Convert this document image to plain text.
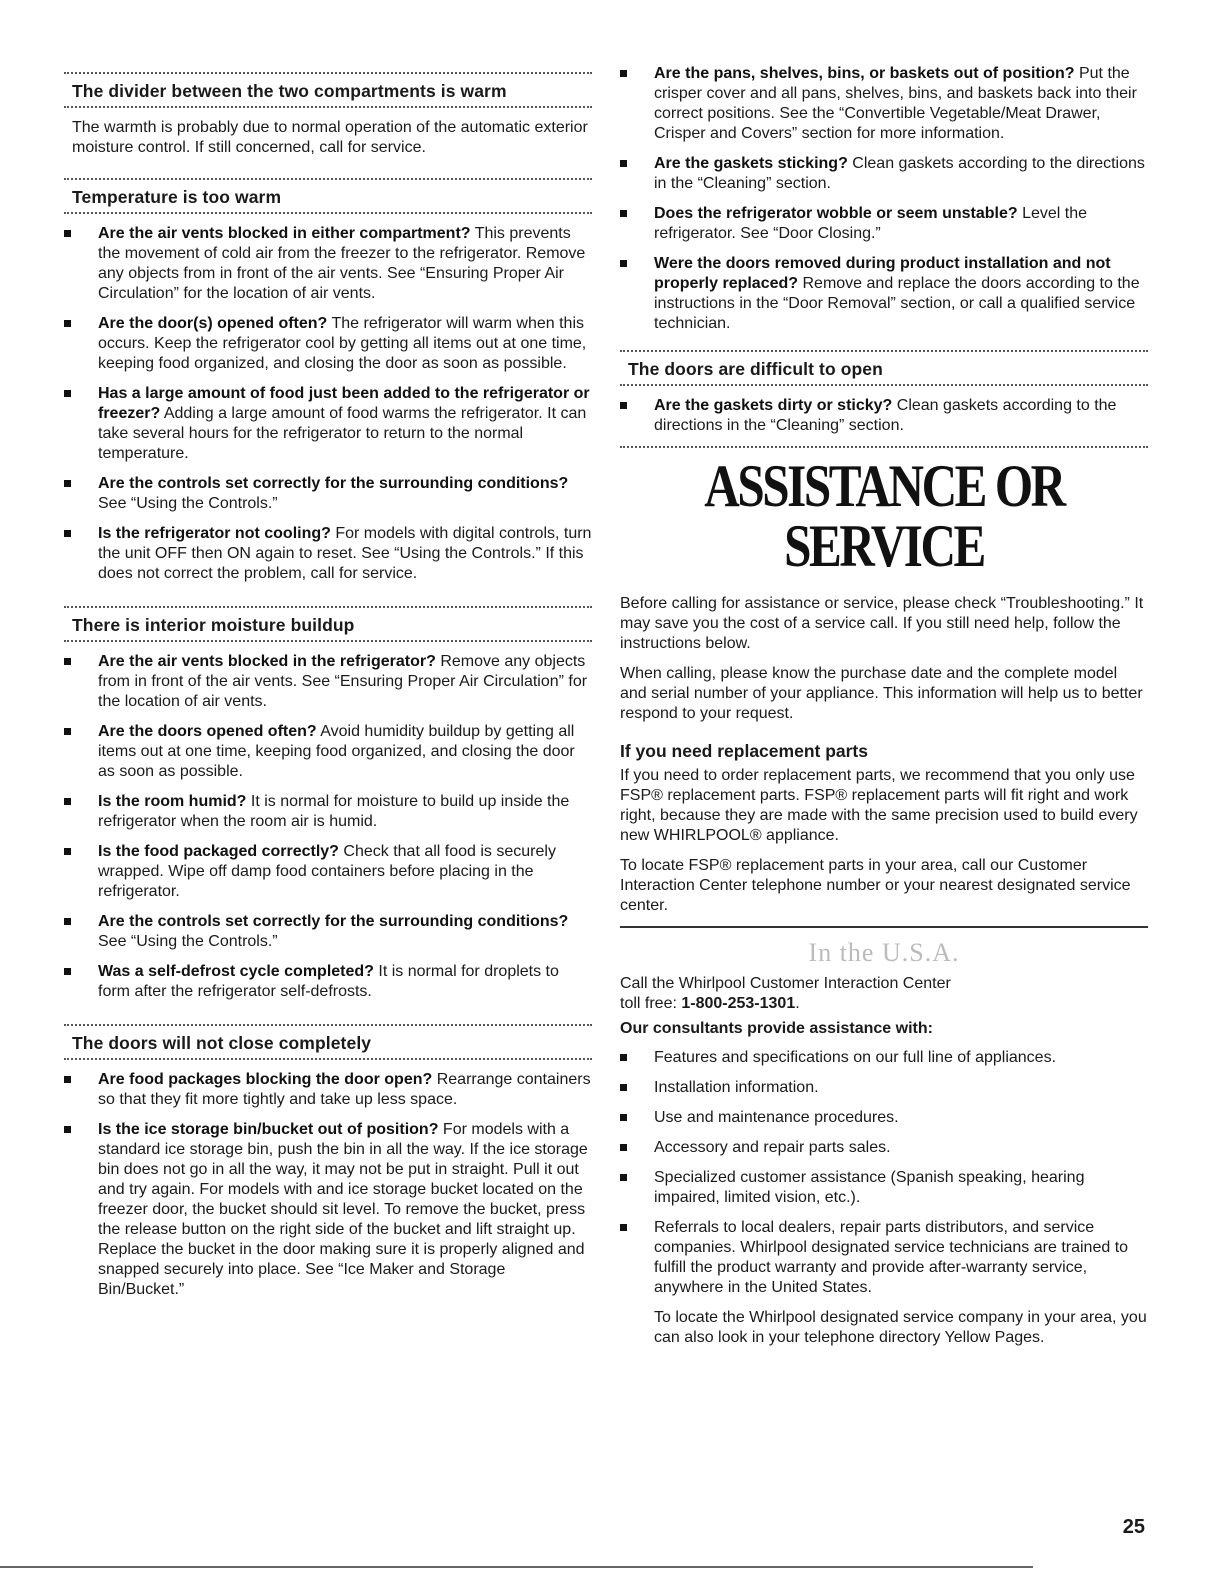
The divider between the two compartments is warm

The warmth is probably due to normal operation of the automatic exterior moisture control. If still concerned, call for service.

Temperature is too warm
Are the air vents blocked in either compartment? This prevents the movement of cold air from the freezer to the refrigerator. Remove any objects from in front of the air vents. See “Ensuring Proper Air Circulation” for the location of air vents.
Are the door(s) opened often? The refrigerator will warm when this occurs. Keep the refrigerator cool by getting all items out at one time, keeping food organized, and closing the door as soon as possible.
Has a large amount of food just been added to the refrigerator or freezer? Adding a large amount of food warms the refrigerator. It can take several hours for the refrigerator to return to the normal temperature.
Are the controls set correctly for the surrounding conditions? See “Using the Controls.”
Is the refrigerator not cooling? For models with digital controls, turn the unit OFF then ON again to reset. See “Using the Controls.” If this does not correct the problem, call for service.
There is interior moisture buildup
Are the air vents blocked in the refrigerator? Remove any objects from in front of the air vents. See “Ensuring Proper Air Circulation” for the location of air vents.
Are the doors opened often? Avoid humidity buildup by getting all items out at one time, keeping food organized, and closing the door as soon as possible.
Is the room humid? It is normal for moisture to build up inside the refrigerator when the room air is humid.
Is the food packaged correctly? Check that all food is securely wrapped. Wipe off damp food containers before placing in the refrigerator.
Are the controls set correctly for the surrounding conditions? See “Using the Controls.”
Was a self-defrost cycle completed? It is normal for droplets to form after the refrigerator self-defrosts.
The doors will not close completely
Are food packages blocking the door open? Rearrange containers so that they fit more tightly and take up less space.
Is the ice storage bin/bucket out of position? For models with a standard ice storage bin, push the bin in all the way. If the ice storage bin does not go in all the way, it may not be put in straight. Pull it out and try again. For models with and ice storage bucket located on the freezer door, the bucket should sit level. To remove the bucket, press the release button on the right side of the bucket and lift straight up. Replace the bucket in the door making sure it is properly aligned and snapped securely into place. See “Ice Maker and Storage Bin/Bucket.”
Are the pans, shelves, bins, or baskets out of position? Put the crisper cover and all pans, shelves, bins, and baskets back into their correct positions. See the “Convertible Vegetable/Meat Drawer, Crisper and Covers” section for more information.
Are the gaskets sticking? Clean gaskets according to the directions in the “Cleaning” section.
Does the refrigerator wobble or seem unstable? Level the refrigerator. See “Door Closing.”
Were the doors removed during product installation and not properly replaced? Remove and replace the doors according to the instructions in the “Door Removal” section, or call a qualified service technician.
The doors are difficult to open
Are the gaskets dirty or sticky? Clean gaskets according to the directions in the “Cleaning” section.
ASSISTANCE OR SERVICE

Before calling for assistance or service, please check “Troubleshooting.” It may save you the cost of a service call. If you still need help, follow the instructions below.

When calling, please know the purchase date and the complete model and serial number of your appliance. This information will help us to better respond to your request.

If you need replacement parts

If you need to order replacement parts, we recommend that you only use FSP® replacement parts. FSP® replacement parts will fit right and work right, because they are made with the same precision used to build every new WHIRLPOOL® appliance.

To locate FSP® replacement parts in your area, call our Customer Interaction Center telephone number or your nearest designated service center.

In the U.S.A.

Call the Whirlpool Customer Interaction Center
toll free: 1-800-253-1301.

Our consultants provide assistance with:
Features and specifications on our full line of appliances.
Installation information.
Use and maintenance procedures.
Accessory and repair parts sales.
Specialized customer assistance (Spanish speaking, hearing impaired, limited vision, etc.).
Referrals to local dealers, repair parts distributors, and service companies. Whirlpool designated service technicians are trained to fulfill the product warranty and provide after-warranty service, anywhere in the United States.

To locate the Whirlpool designated service company in your area, you can also look in your telephone directory Yellow Pages.

25
